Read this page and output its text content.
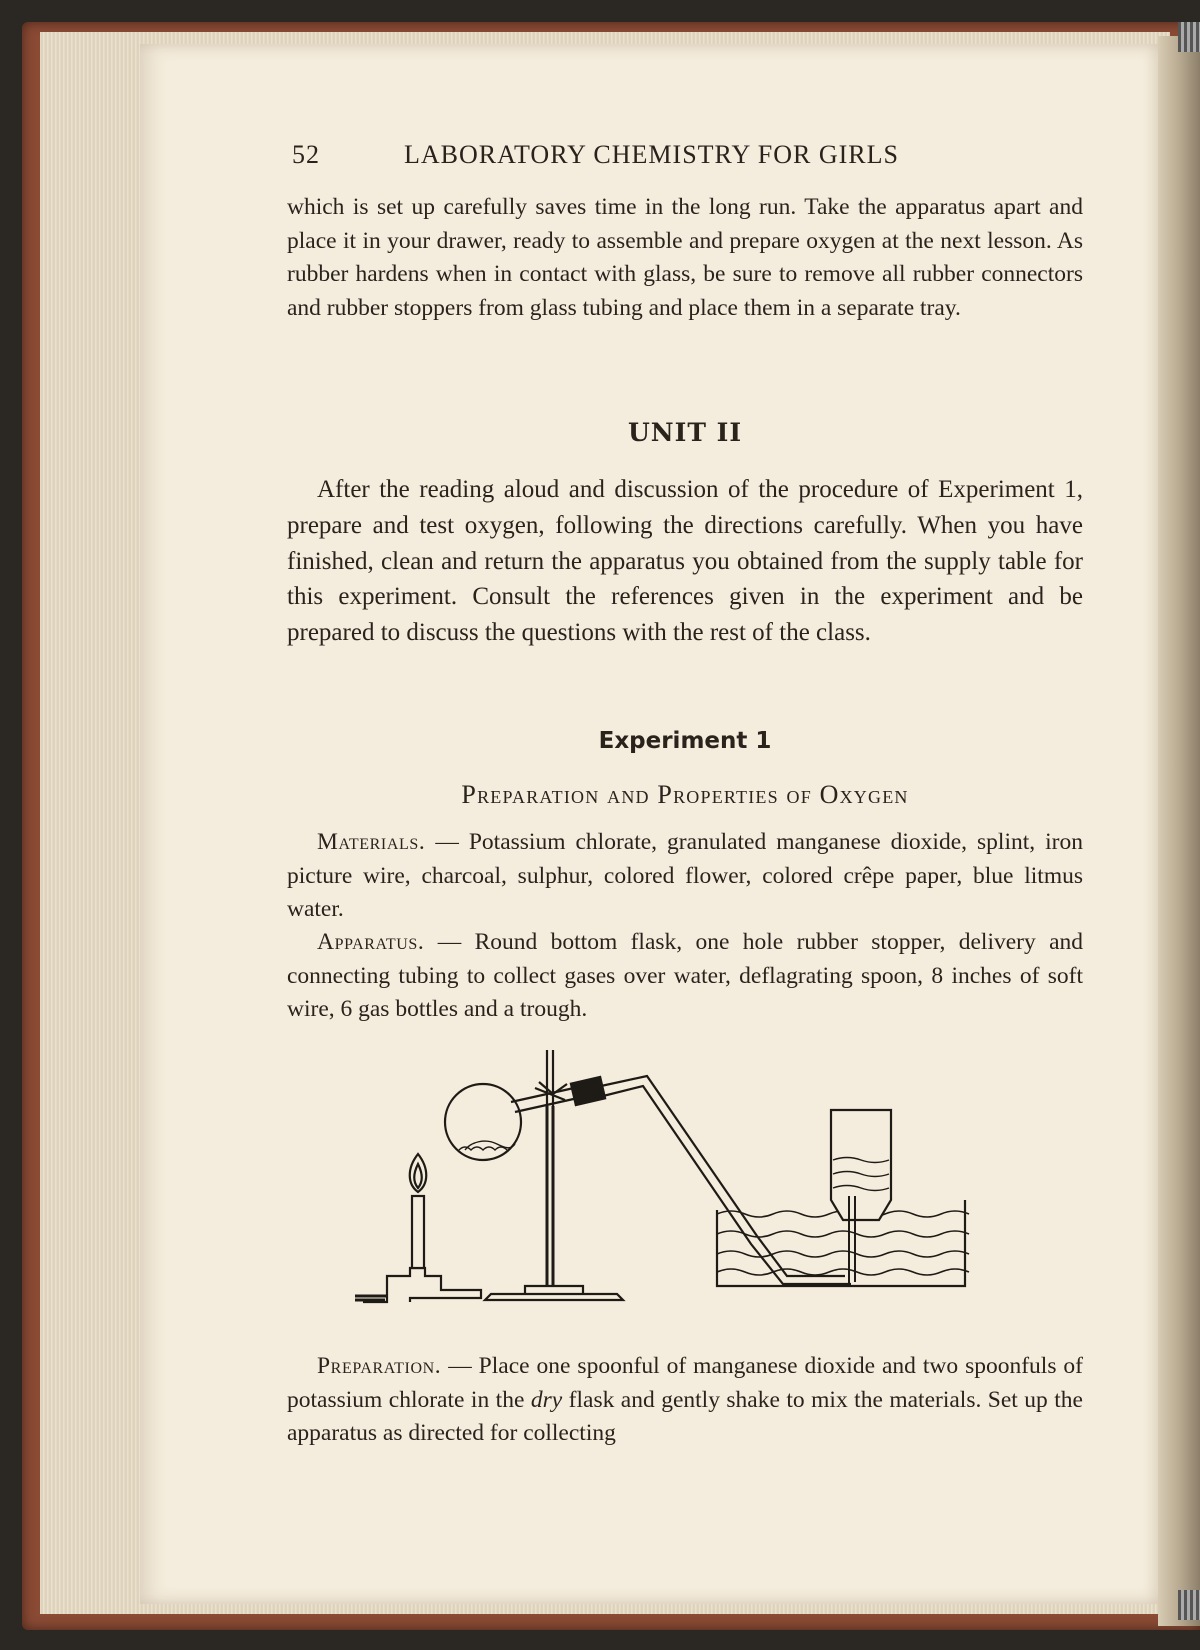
52	LABORATORY CHEMISTRY FOR GIRLS

which is set up carefully saves time in the long run. Take the apparatus apart and place it in your drawer, ready to assemble and prepare oxygen at the next lesson. As rubber hardens when in contact with glass, be sure to remove all rubber connectors and rubber stoppers from glass tubing and place them in a separate tray.

UNIT II

After the reading aloud and discussion of the procedure of Experiment 1, prepare and test oxygen, following the directions carefully. When you have finished, clean and return the apparatus you obtained from the supply table for this experiment. Consult the references given in the experiment and be prepared to discuss the questions with the rest of the class.

Experiment 1
Preparation and Properties of Oxygen

Materials. — Potassium chlorate, granulated manganese dioxide, splint, iron picture wire, charcoal, sulphur, colored flower, colored crêpe paper, blue litmus water.

Apparatus. — Round bottom flask, one hole rubber stopper, delivery and connecting tubing to collect gases over water, deflagrating spoon, 8 inches of soft wire, 6 gas bottles and a trough.

Preparation. — Place one spoonful of manganese dioxide and two spoonfuls of potassium chlorate in the dry flask and gently shake to mix the materials. Set up the apparatus as directed for collecting
